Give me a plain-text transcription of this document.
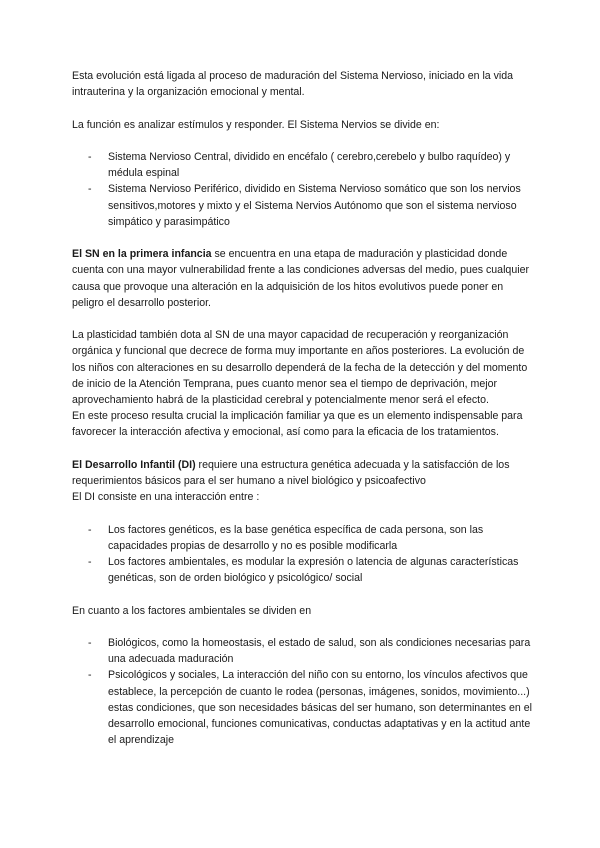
Esta evolución está ligada al proceso de maduración del Sistema Nervioso, iniciado en la vida intrauterina y la organización emocional y mental.

La función es analizar estímulos y responder. El Sistema Nervios se divide en:

- Sistema Nervioso Central, dividido en encéfalo ( cerebro,cerebelo y bulbo raquídeo) y médula espinal
- Sistema Nervioso Periférico, dividido en Sistema Nervioso somático que son los nervios sensitivos,motores y mixto y el Sistema Nervios Autónomo que son el sistema nervioso simpático y parasimpático

El SN en la primera infancia se encuentra en una etapa de maduración y plasticidad donde cuenta con una mayor vulnerabilidad frente a las condiciones adversas del medio, pues cualquier causa que provoque una alteración en la adquisición de los hitos evolutivos puede poner en peligro el desarrollo posterior.

La plasticidad también dota al SN de una mayor capacidad de recuperación y reorganización orgánica y funcional que decrece de forma muy importante en años posteriores. La evolución de los niños con alteraciones en su desarrollo dependerá de la fecha de la detección y del momento de inicio de la Atención Temprana, pues cuanto menor sea el tiempo de deprivación, mejor aprovechamiento habrá de la plasticidad cerebral y potencialmente menor será el efecto.

En este proceso resulta crucial la implicación familiar ya que es un elemento indispensable para favorecer la interacción afectiva y emocional, así como para la eficacia de los tratamientos.

El Desarrollo Infantil (DI) requiere una estructura genética adecuada y la satisfacción de los requerimientos básicos para el ser humano a nivel biológico y psicoafectivo

El DI consiste en una interacción entre :

- Los factores genéticos, es la base genética específica de cada persona, son las capacidades propias de desarrollo y no es posible modificarla
- Los factores ambientales, es modular la expresión o latencia de algunas características genéticas, son de orden biológico y psicológico/ social

En cuanto a los factores ambientales se dividen en

- Biológicos, como la homeostasis, el estado de salud, son als condiciones necesarias para una adecuada maduración
- Psicológicos y sociales, La interacción del niño con su entorno, los vínculos afectivos que establece, la percepción de cuanto le rodea (personas, imágenes, sonidos, movimiento...) estas condiciones, que son necesidades básicas del ser humano, son determinantes en el desarrollo emocional, funciones comunicativas, conductas adaptativas y en la actitud ante el aprendizaje
